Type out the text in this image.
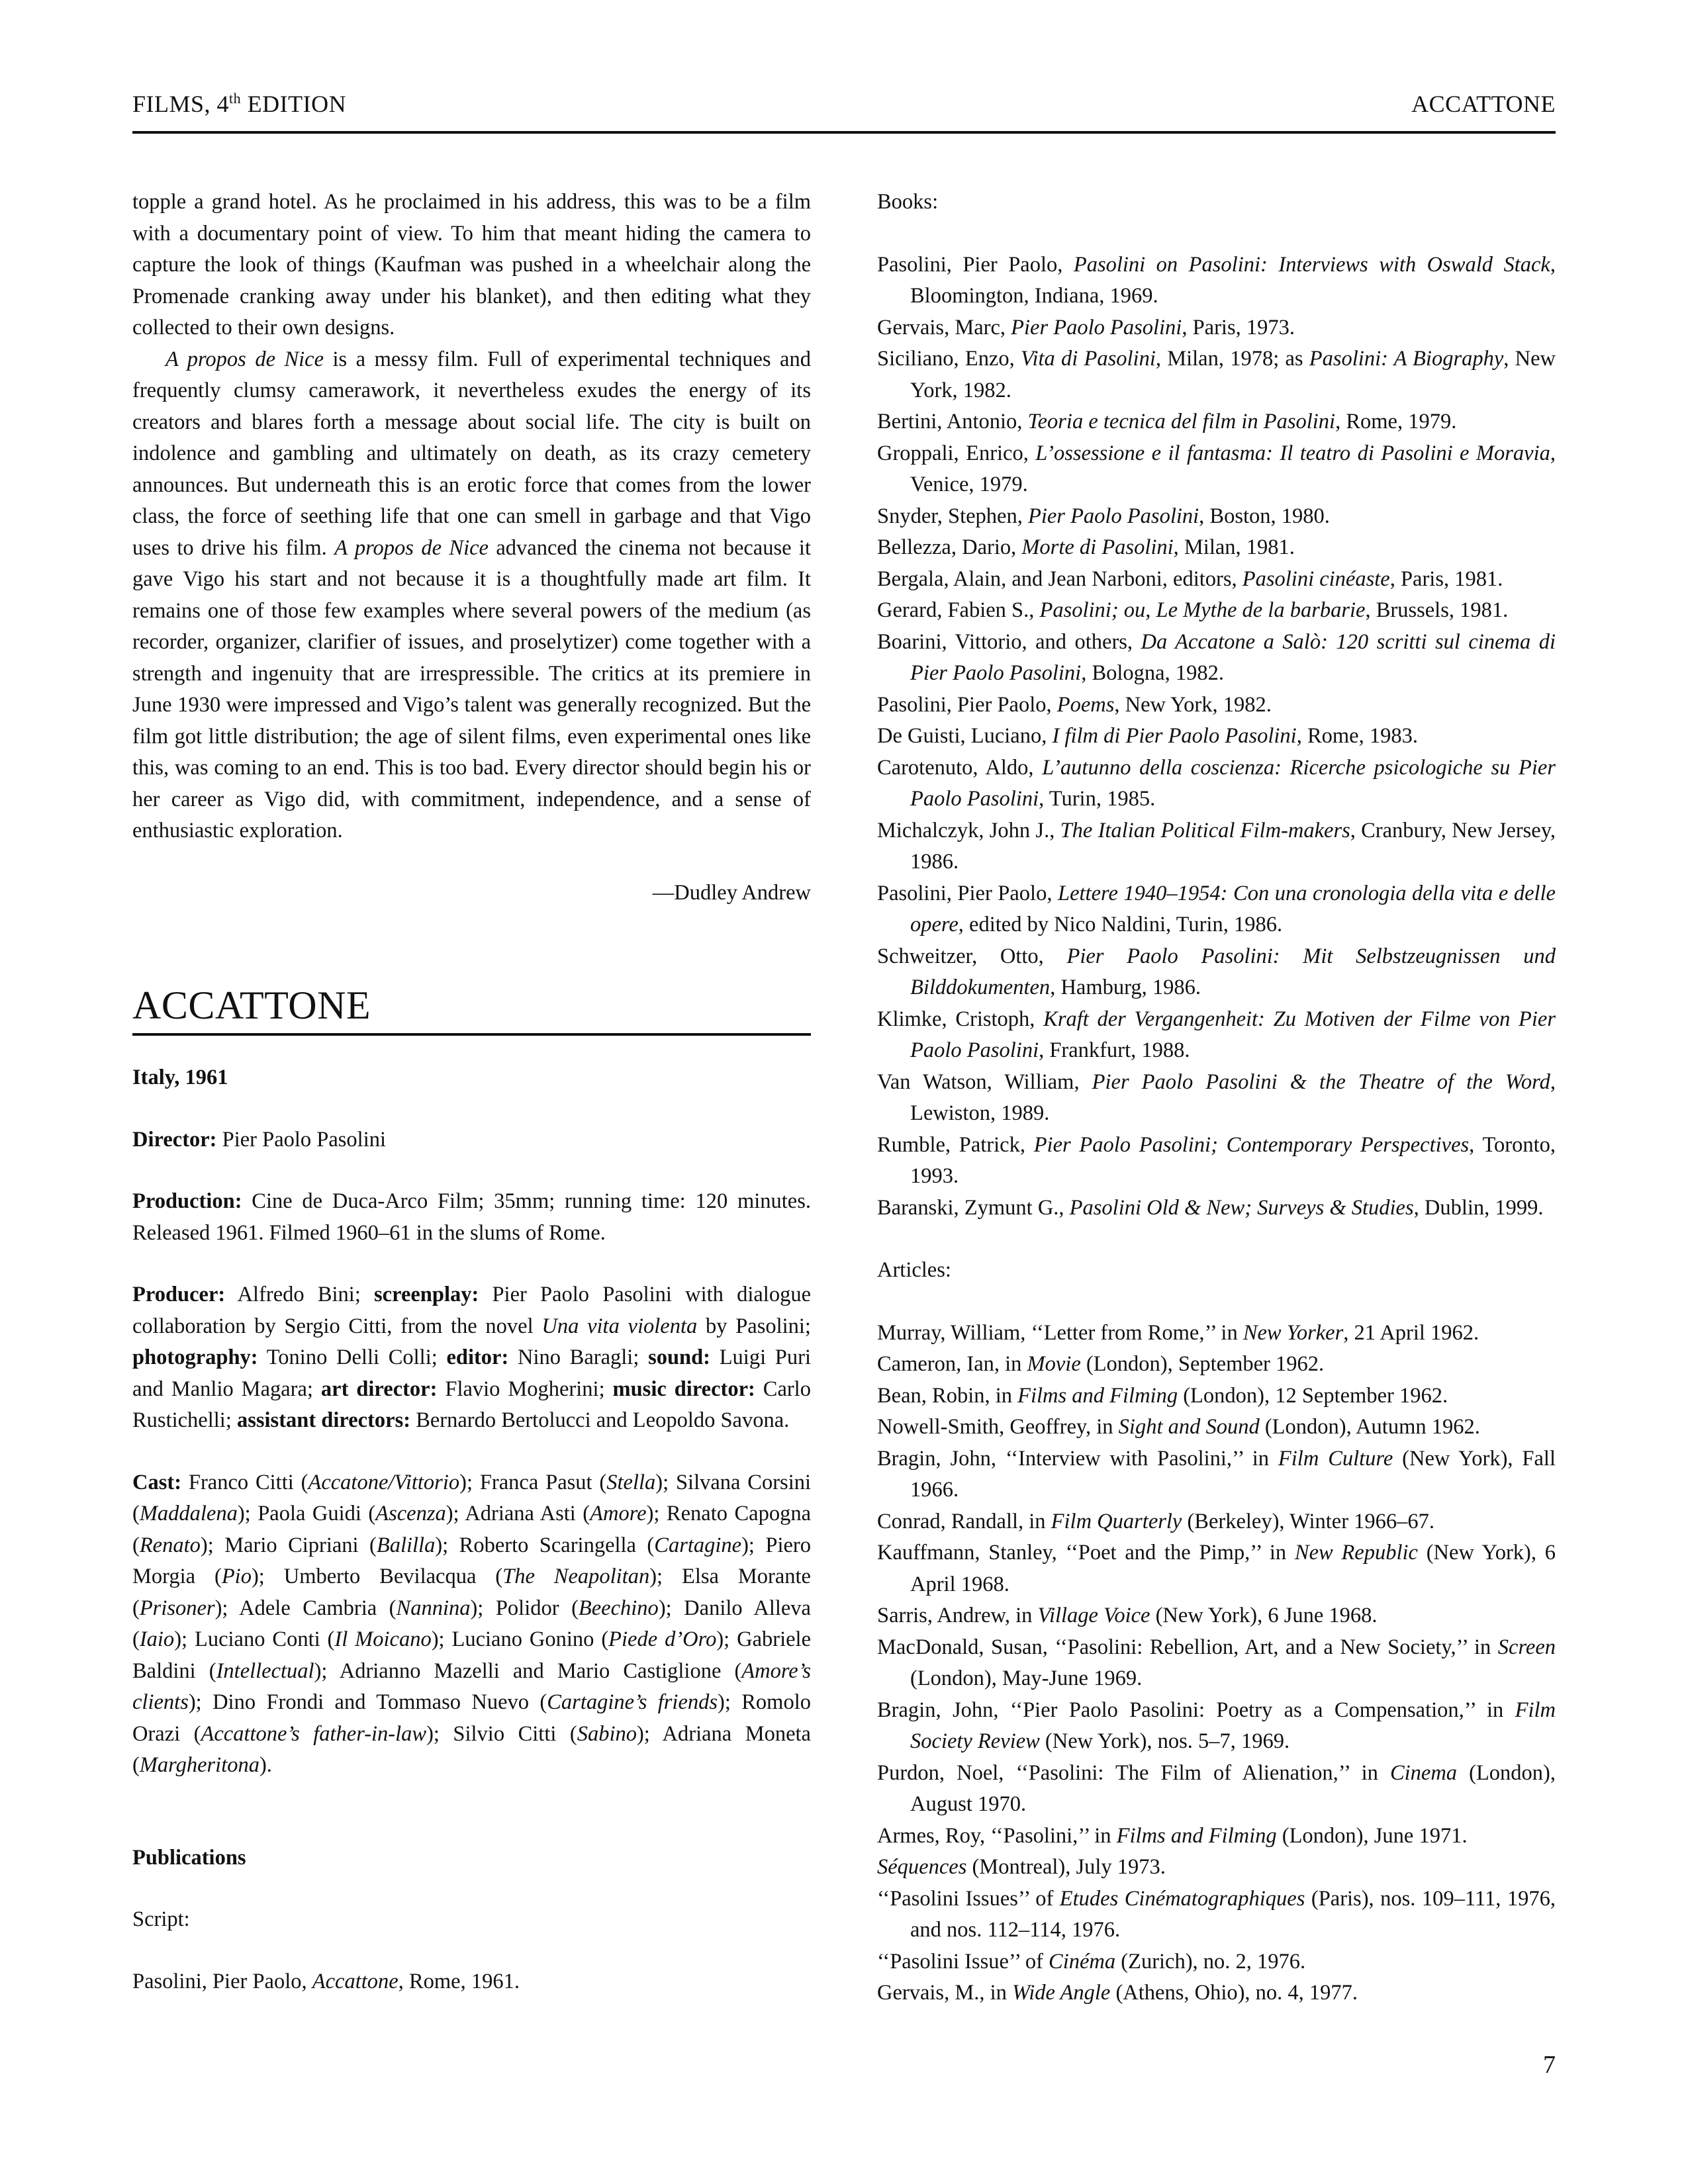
FILMS, 4th EDITION	ACCATTONE

topple a grand hotel. As he proclaimed in his address, this was to be a film with a documentary point of view. To him that meant hiding the camera to capture the look of things (Kaufman was pushed in a wheelchair along the Promenade cranking away under his blanket), and then editing what they collected to their own designs.

A propos de Nice is a messy film. Full of experimental techniques and frequently clumsy camerawork, it nevertheless exudes the energy of its creators and blares forth a message about social life. The city is built on indolence and gambling and ultimately on death, as its crazy cemetery announces. But underneath this is an erotic force that comes from the lower class, the force of seething life that one can smell in garbage and that Vigo uses to drive his film. A propos de Nice advanced the cinema not because it gave Vigo his start and not because it is a thoughtfully made art film. It remains one of those few examples where several powers of the medium (as recorder, organizer, clarifier of issues, and proselytizer) come together with a strength and ingenuity that are irrespressible. The critics at its premiere in June 1930 were impressed and Vigo’s talent was generally recognized. But the film got little distribution; the age of silent films, even experimental ones like this, was coming to an end. This is too bad. Every director should begin his or her career as Vigo did, with commitment, independence, and a sense of enthusiastic exploration.

—Dudley Andrew

ACCATTONE

Italy, 1961

Director: Pier Paolo Pasolini

Production: Cine de Duca-Arco Film; 35mm; running time: 120 minutes. Released 1961. Filmed 1960–61 in the slums of Rome.

Producer: Alfredo Bini; screenplay: Pier Paolo Pasolini with dialogue collaboration by Sergio Citti, from the novel Una vita violenta by Pasolini; photography: Tonino Delli Colli; editor: Nino Baragli; sound: Luigi Puri and Manlio Magara; art director: Flavio Mogherini; music director: Carlo Rustichelli; assistant directors: Bernardo Bertolucci and Leopoldo Savona.

Cast: Franco Citti (Accatone/Vittorio); Franca Pasut (Stella); Silvana Corsini (Maddalena); Paola Guidi (Ascenza); Adriana Asti (Amore); Renato Capogna (Renato); Mario Cipriani (Balilla); Roberto Scaringella (Cartagine); Piero Morgia (Pio); Umberto Bevilacqua (The Neapolitan); Elsa Morante (Prisoner); Adele Cambria (Nannina); Polidor (Beechino); Danilo Alleva (Iaio); Luciano Conti (Il Moicano); Luciano Gonino (Piede d’Oro); Gabriele Baldini (Intellectual); Adrianno Mazelli and Mario Castiglione (Amore’s clients); Dino Frondi and Tommaso Nuevo (Cartagine’s friends); Romolo Orazi (Accattone’s father-in-law); Silvio Citti (Sabino); Adriana Moneta (Margheritona).

Publications

Script:

Pasolini, Pier Paolo, Accattone, Rome, 1961.

Books:

Pasolini, Pier Paolo, Pasolini on Pasolini: Interviews with Oswald Stack, Bloomington, Indiana, 1969.

Gervais, Marc, Pier Paolo Pasolini, Paris, 1973.

Siciliano, Enzo, Vita di Pasolini, Milan, 1978; as Pasolini: A Biography, New York, 1982.

Bertini, Antonio, Teoria e tecnica del film in Pasolini, Rome, 1979.

Groppali, Enrico, L’ossessione e il fantasma: Il teatro di Pasolini e Moravia, Venice, 1979.

Snyder, Stephen, Pier Paolo Pasolini, Boston, 1980.

Bellezza, Dario, Morte di Pasolini, Milan, 1981.

Bergala, Alain, and Jean Narboni, editors, Pasolini cinéaste, Paris, 1981.

Gerard, Fabien S., Pasolini; ou, Le Mythe de la barbarie, Brussels, 1981.

Boarini, Vittorio, and others, Da Accatone a Salò: 120 scritti sul cinema di Pier Paolo Pasolini, Bologna, 1982.

Pasolini, Pier Paolo, Poems, New York, 1982.

De Guisti, Luciano, I film di Pier Paolo Pasolini, Rome, 1983.

Carotenuto, Aldo, L’autunno della coscienza: Ricerche psicologiche su Pier Paolo Pasolini, Turin, 1985.

Michalczyk, John J., The Italian Political Film-makers, Cranbury, New Jersey, 1986.

Pasolini, Pier Paolo, Lettere 1940–1954: Con una cronologia della vita e delle opere, edited by Nico Naldini, Turin, 1986.

Schweitzer, Otto, Pier Paolo Pasolini: Mit Selbstzeugnissen und Bilddokumenten, Hamburg, 1986.

Klimke, Cristoph, Kraft der Vergangenheit: Zu Motiven der Filme von Pier Paolo Pasolini, Frankfurt, 1988.

Van Watson, William, Pier Paolo Pasolini & the Theatre of the Word, Lewiston, 1989.

Rumble, Patrick, Pier Paolo Pasolini; Contemporary Perspectives, Toronto, 1993.

Baranski, Zymunt G., Pasolini Old & New; Surveys & Studies, Dublin, 1999.

Articles:

Murray, William, ‘‘Letter from Rome,’’ in New Yorker, 21 April 1962.

Cameron, Ian, in Movie (London), September 1962.

Bean, Robin, in Films and Filming (London), 12 September 1962.

Nowell-Smith, Geoffrey, in Sight and Sound (London), Autumn 1962.

Bragin, John, ‘‘Interview with Pasolini,’’ in Film Culture (New York), Fall 1966.

Conrad, Randall, in Film Quarterly (Berkeley), Winter 1966–67.

Kauffmann, Stanley, ‘‘Poet and the Pimp,’’ in New Republic (New York), 6 April 1968.

Sarris, Andrew, in Village Voice (New York), 6 June 1968.

MacDonald, Susan, ‘‘Pasolini: Rebellion, Art, and a New Society,’’ in Screen (London), May-June 1969.

Bragin, John, ‘‘Pier Paolo Pasolini: Poetry as a Compensation,’’ in Film Society Review (New York), nos. 5–7, 1969.

Purdon, Noel, ‘‘Pasolini: The Film of Alienation,’’ in Cinema (London), August 1970.

Armes, Roy, ‘‘Pasolini,’’ in Films and Filming (London), June 1971.

Séquences (Montreal), July 1973.

‘‘Pasolini Issues’’ of Etudes Cinématographiques (Paris), nos. 109–111, 1976, and nos. 112–114, 1976.

‘‘Pasolini Issue’’ of Cinéma (Zurich), no. 2, 1976.

Gervais, M., in Wide Angle (Athens, Ohio), no. 4, 1977.

7
